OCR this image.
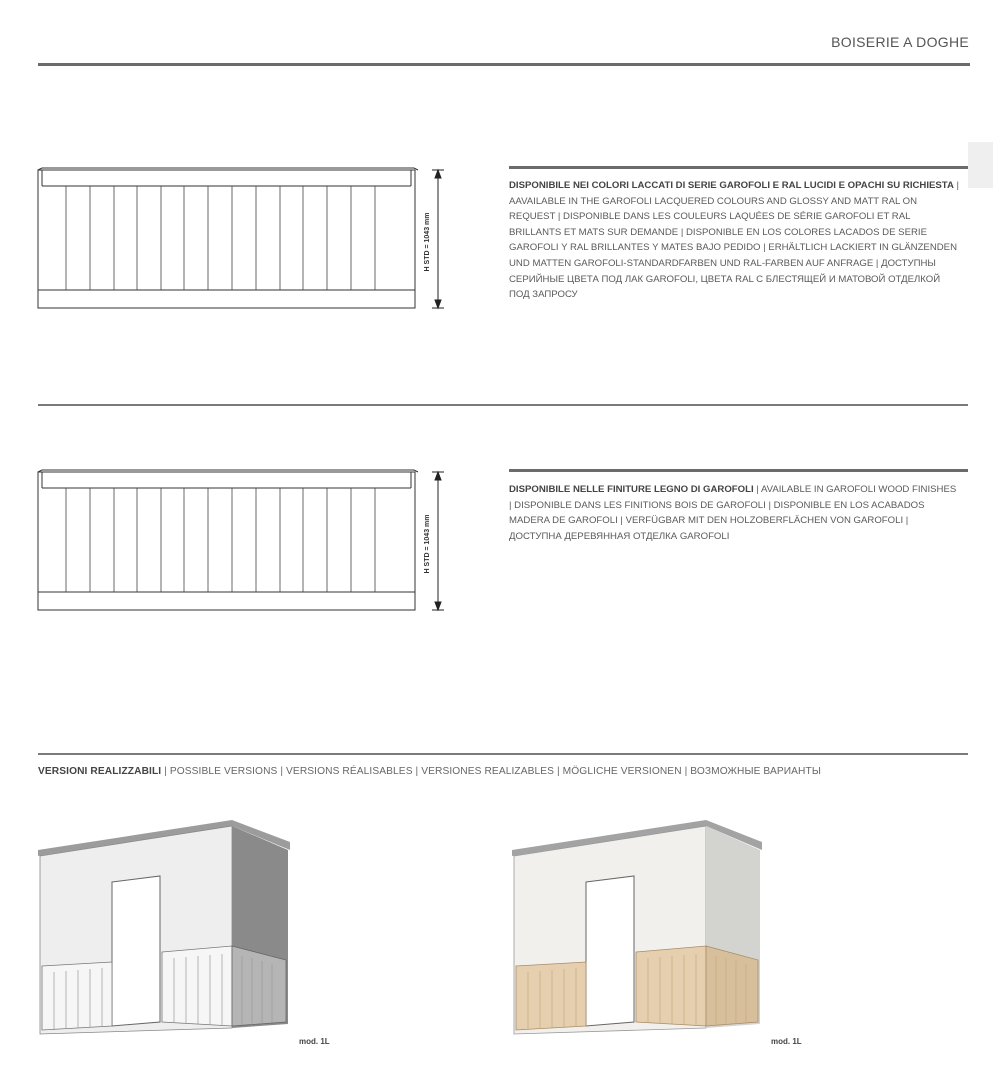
BOISERIE A DOGHE
H STD = 1043 mm
DISPONIBILE NEI COLORI LACCATI DI SERIE GAROFOLI E RAL LUCIDI E OPACHI SU RICHIESTA | AAVAILABLE IN THE GAROFOLI LACQUERED COLOURS AND GLOSSY AND MATT RAL ON REQUEST | DISPONIBLE DANS LES COULEURS LAQUÉES DE SÉRIE GAROFOLI ET RAL BRILLANTS ET MATS SUR DEMANDE | DISPONIBLE EN LOS COLORES LACADOS DE SERIE GAROFOLI Y RAL BRILLANTES Y MATES BAJO PEDIDO | ERHÄLTLICH LACKIERT IN GLÄNZENDEN UND MATTEN GAROFOLI-STANDARDFARBEN UND RAL-FARBEN AUF ANFRAGE | ДОСТУПНЫ СЕРИЙНЫЕ ЦВЕТА ПОД ЛАК GAROFOLI, ЦВЕТА RAL С БЛЕСТЯЩЕЙ И МАТОВОЙ ОТДЕЛКОЙ ПОД ЗАПРОСУ
H STD = 1043 mm
DISPONIBILE NELLE FINITURE LEGNO DI GAROFOLI | AVAILABLE IN GAROFOLI WOOD FINISHES | DISPONIBLE DANS LES FINITIONS BOIS DE GAROFOLI | DISPONIBLE EN LOS ACABADOS MADERA DE GAROFOLI | VERFÜGBAR MIT DEN HOLZOBERFLÄCHEN VON GAROFOLI | ДОСТУПНА ДЕРЕВЯННАЯ ОТДЕЛКА GAROFOLI
VERSIONI REALIZZABILI | POSSIBLE VERSIONS | VERSIONS RÉALISABLES | VERSIONES REALIZABLES | MÖGLICHE VERSIONEN | ВОЗМОЖНЫЕ ВАРИАНТЫ
mod. 1L	mod. 1L
